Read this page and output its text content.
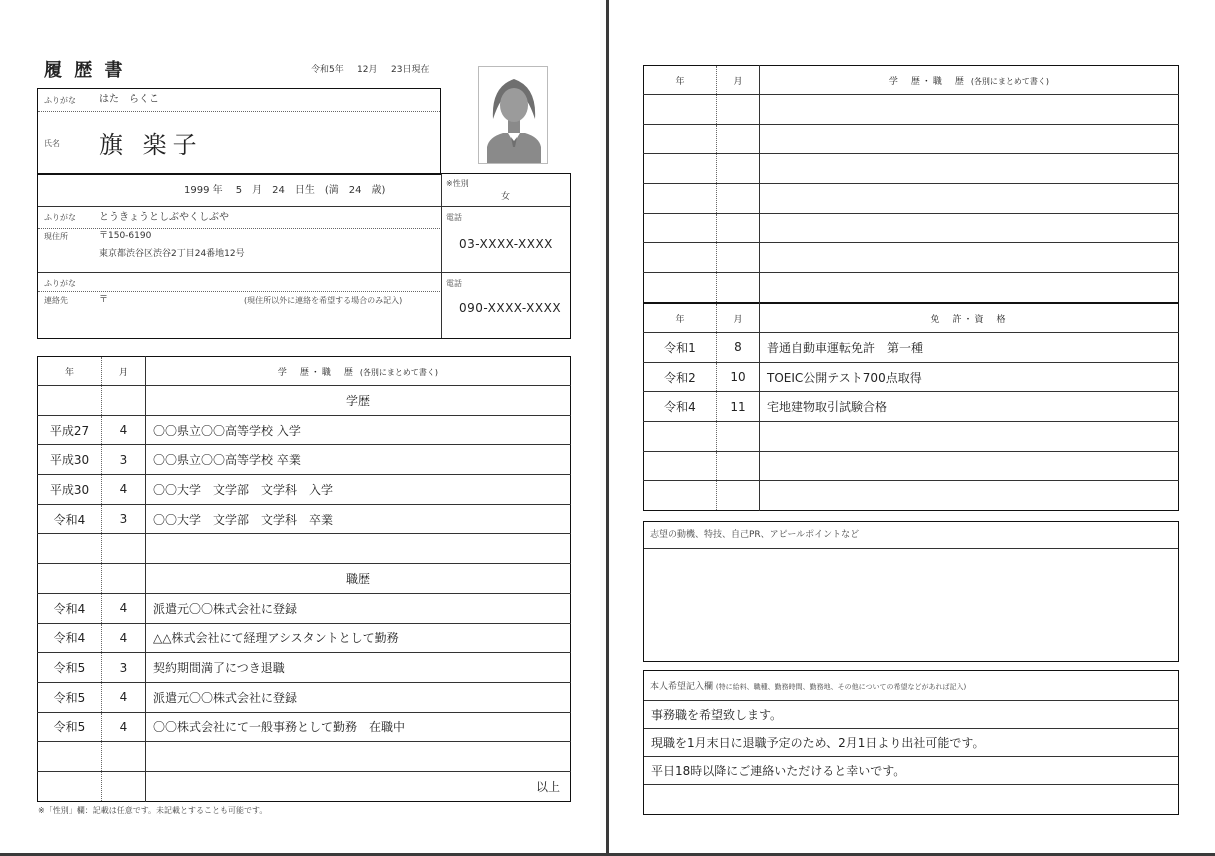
履 歴 書	令和5年 12月 23日現在
ふりがな はた　らくこ
氏名 旗 楽子
1999 年　 5　月　24　日生　(満　24　歳)
※性別
女
ふりがな とうきょうとしぶやくしぶや
現住所	〒150-6190
東京都渋谷区渋谷2丁目24番地12号
電話
03-XXXX-XXXX
ふりがな
連絡先	〒	(現住所以外に連絡を希望する場合のみ記入)
電話
090-XXXX-XXXX
年	月	学　歴・職　歴 (各別にまとめて書く)
		学歴
平成27	4	〇〇県立〇〇高等学校 入学
平成30	3	〇〇県立〇〇高等学校 卒業
平成30	4	〇〇大学　文学部　文学科　入学
令和4	3	〇〇大学　文学部　文学科　卒業

		職歴
令和4	4	派遣元〇〇株式会社に登録
令和4	4	△△株式会社にて経理アシスタントとして勤務
令和5	3	契約期間満了につき退職
令和5	4	派遣元〇〇株式会社に登録
令和5	4	〇〇株式会社にて一般事務として勤務　在職中

		以上
※「性別」欄：記載は任意です。未記載とすることも可能です。
年	月	学　歴・職　歴 (各別にまとめて書く)

年	月	免　許・資　格
令和1	8	普通自動車運転免許　第一種
令和2	10	TOEIC公開テスト700点取得
令和4	11	宅地建物取引試験合格

志望の動機、特技、自己PR、アピールポイントなど
本人希望記入欄 (特に給料、職種、勤務時間、勤務地、その他についての希望などがあれば記入)
事務職を希望致します。
現職を1月末日に退職予定のため、2月1日より出社可能です。
平日18時以降にご連絡いただけると幸いです。
